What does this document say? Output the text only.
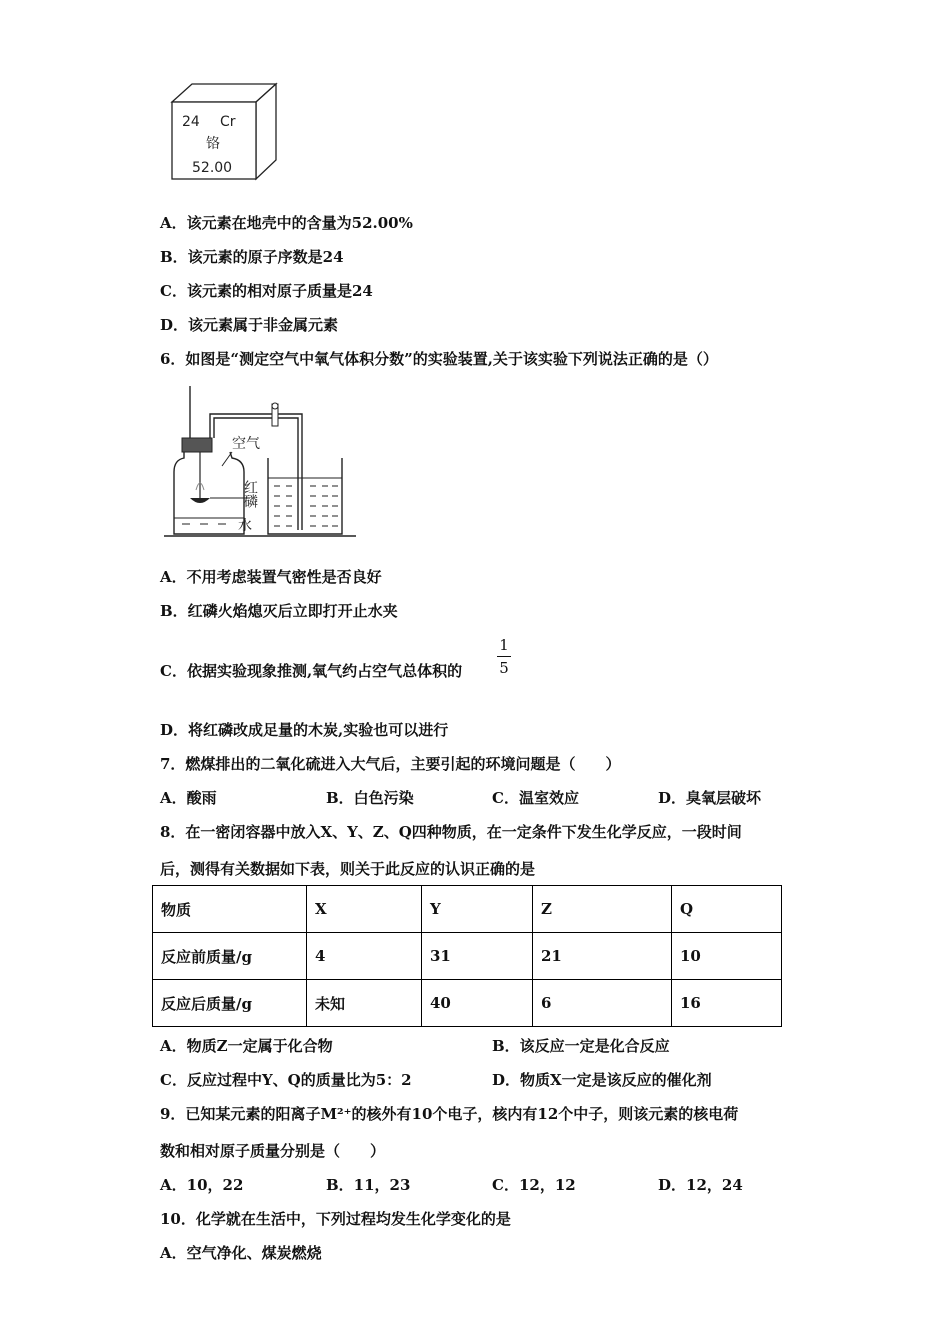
24 Cr
铬
52.00
A．该元素在地壳中的含量为52.00%
B．该元素的原子序数是24
C．该元素的相对原子质量是24
D．该元素属于非金属元素
6．如图是“测定空气中氧气体积分数”的实验装置,关于该实验下列说法正确的是（）
空气
红磷
水
A．不用考虑装置气密性是否良好
B．红磷火焰熄灭后立即打开止水夹
C．依据实验现象推测,氧气约占空气总体积的
1
5
D．将红磷改成足量的木炭,实验也可以进行
7．燃煤排出的二氧化硫进入大气后，主要引起的环境问题是（　　）
A．酸雨	B．白色污染	C．温室效应	D．臭氧层破坏
8．在一密闭容器中放入X、Y、Z、Q四种物质，在一定条件下发生化学反应，一段时间
后，测得有关数据如下表，则关于此反应的认识正确的是
物质	X	Y	Z	Q
反应前质量/g	4	31	21	10
反应后质量/g	未知	40	6	16
A．物质Z一定属于化合物	B．该反应一定是化合反应
C．反应过程中Y、Q的质量比为5：2	D．物质X一定是该反应的催化剂
9．已知某元素的阳离子M²⁺的核外有10个电子，核内有12个中子，则该元素的核电荷
数和相对原子质量分别是（　　）
A．10，22	B．11，23	C．12，12	D．12，24
10．化学就在生活中，下列过程均发生化学变化的是
A．空气净化、煤炭燃烧
